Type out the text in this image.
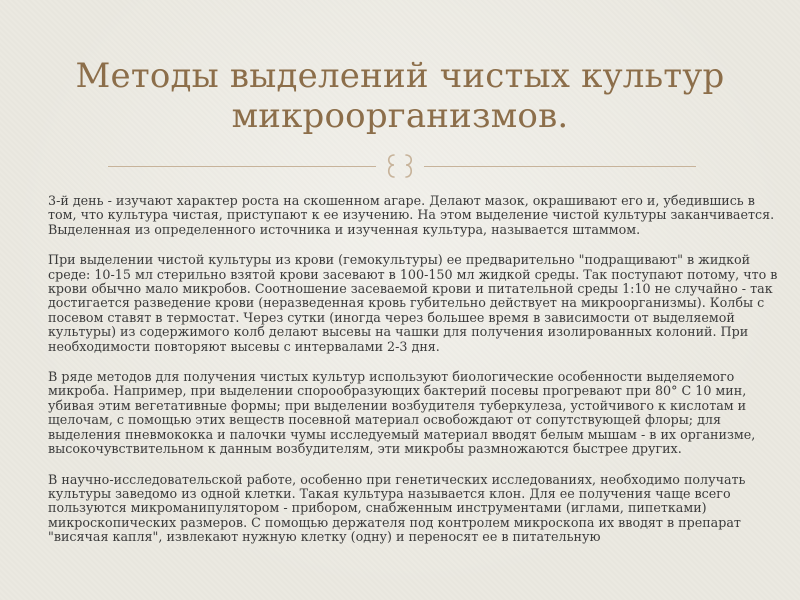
Методы выделений чистых культур
микроорганизмов.
3-й день - изучают характер роста на скошенном агаре. Делают мазок, окрашивают его и, убедившись в том, что культура чистая, приступают к ее изучению. На этом выделение чистой культуры заканчивается. Выделенная из определенного источника и изученная культура, называется штаммом.
При выделении чистой культуры из крови (гемокультуры) ее предварительно "подращивают" в жидкой среде: 10-15 мл стерильно взятой крови засевают в 100-150 мл жидкой среды. Так поступают потому, что в крови обычно мало микробов. Соотношение засеваемой крови и питательной среды 1:10 не случайно - так достигается разведение крови (неразведенная кровь губительно действует на микроорганизмы). Колбы с посевом ставят в термостат. Через сутки (иногда через большее время в зависимости от выделяемой культуры) из содержимого колб делают высевы на чашки для получения изолированных колоний. При необходимости повторяют высевы с интервалами 2-3 дня.
В ряде методов для получения чистых культур используют биологические особенности выделяемого микроба. Например, при выделении спорообразующих бактерий посевы прогревают при 80° С 10 мин, убивая этим вегетативные формы; при выделении возбудителя туберкулеза, устойчивого к кислотам и щелочам, с помощью этих веществ посевной материал освобождают от сопутствующей флоры; для выделения пневмококка и палочки чумы исследуемый материал вводят белым мышам - в их организме, высокочувствительном к данным возбудителям, эти микробы размножаются быстрее других.
В научно-исследовательской работе, особенно при генетических исследованиях, необходимо получать культуры заведомо из одной клетки. Такая культура называется клон. Для ее получения чаще всего пользуются микроманипулятором - прибором, снабженным инструментами (иглами, пипетками) микроскопических размеров. С помощью держателя под контролем микроскопа их вводят в препарат "висячая капля", извлекают нужную клетку (одну) и переносят ее в питательную
